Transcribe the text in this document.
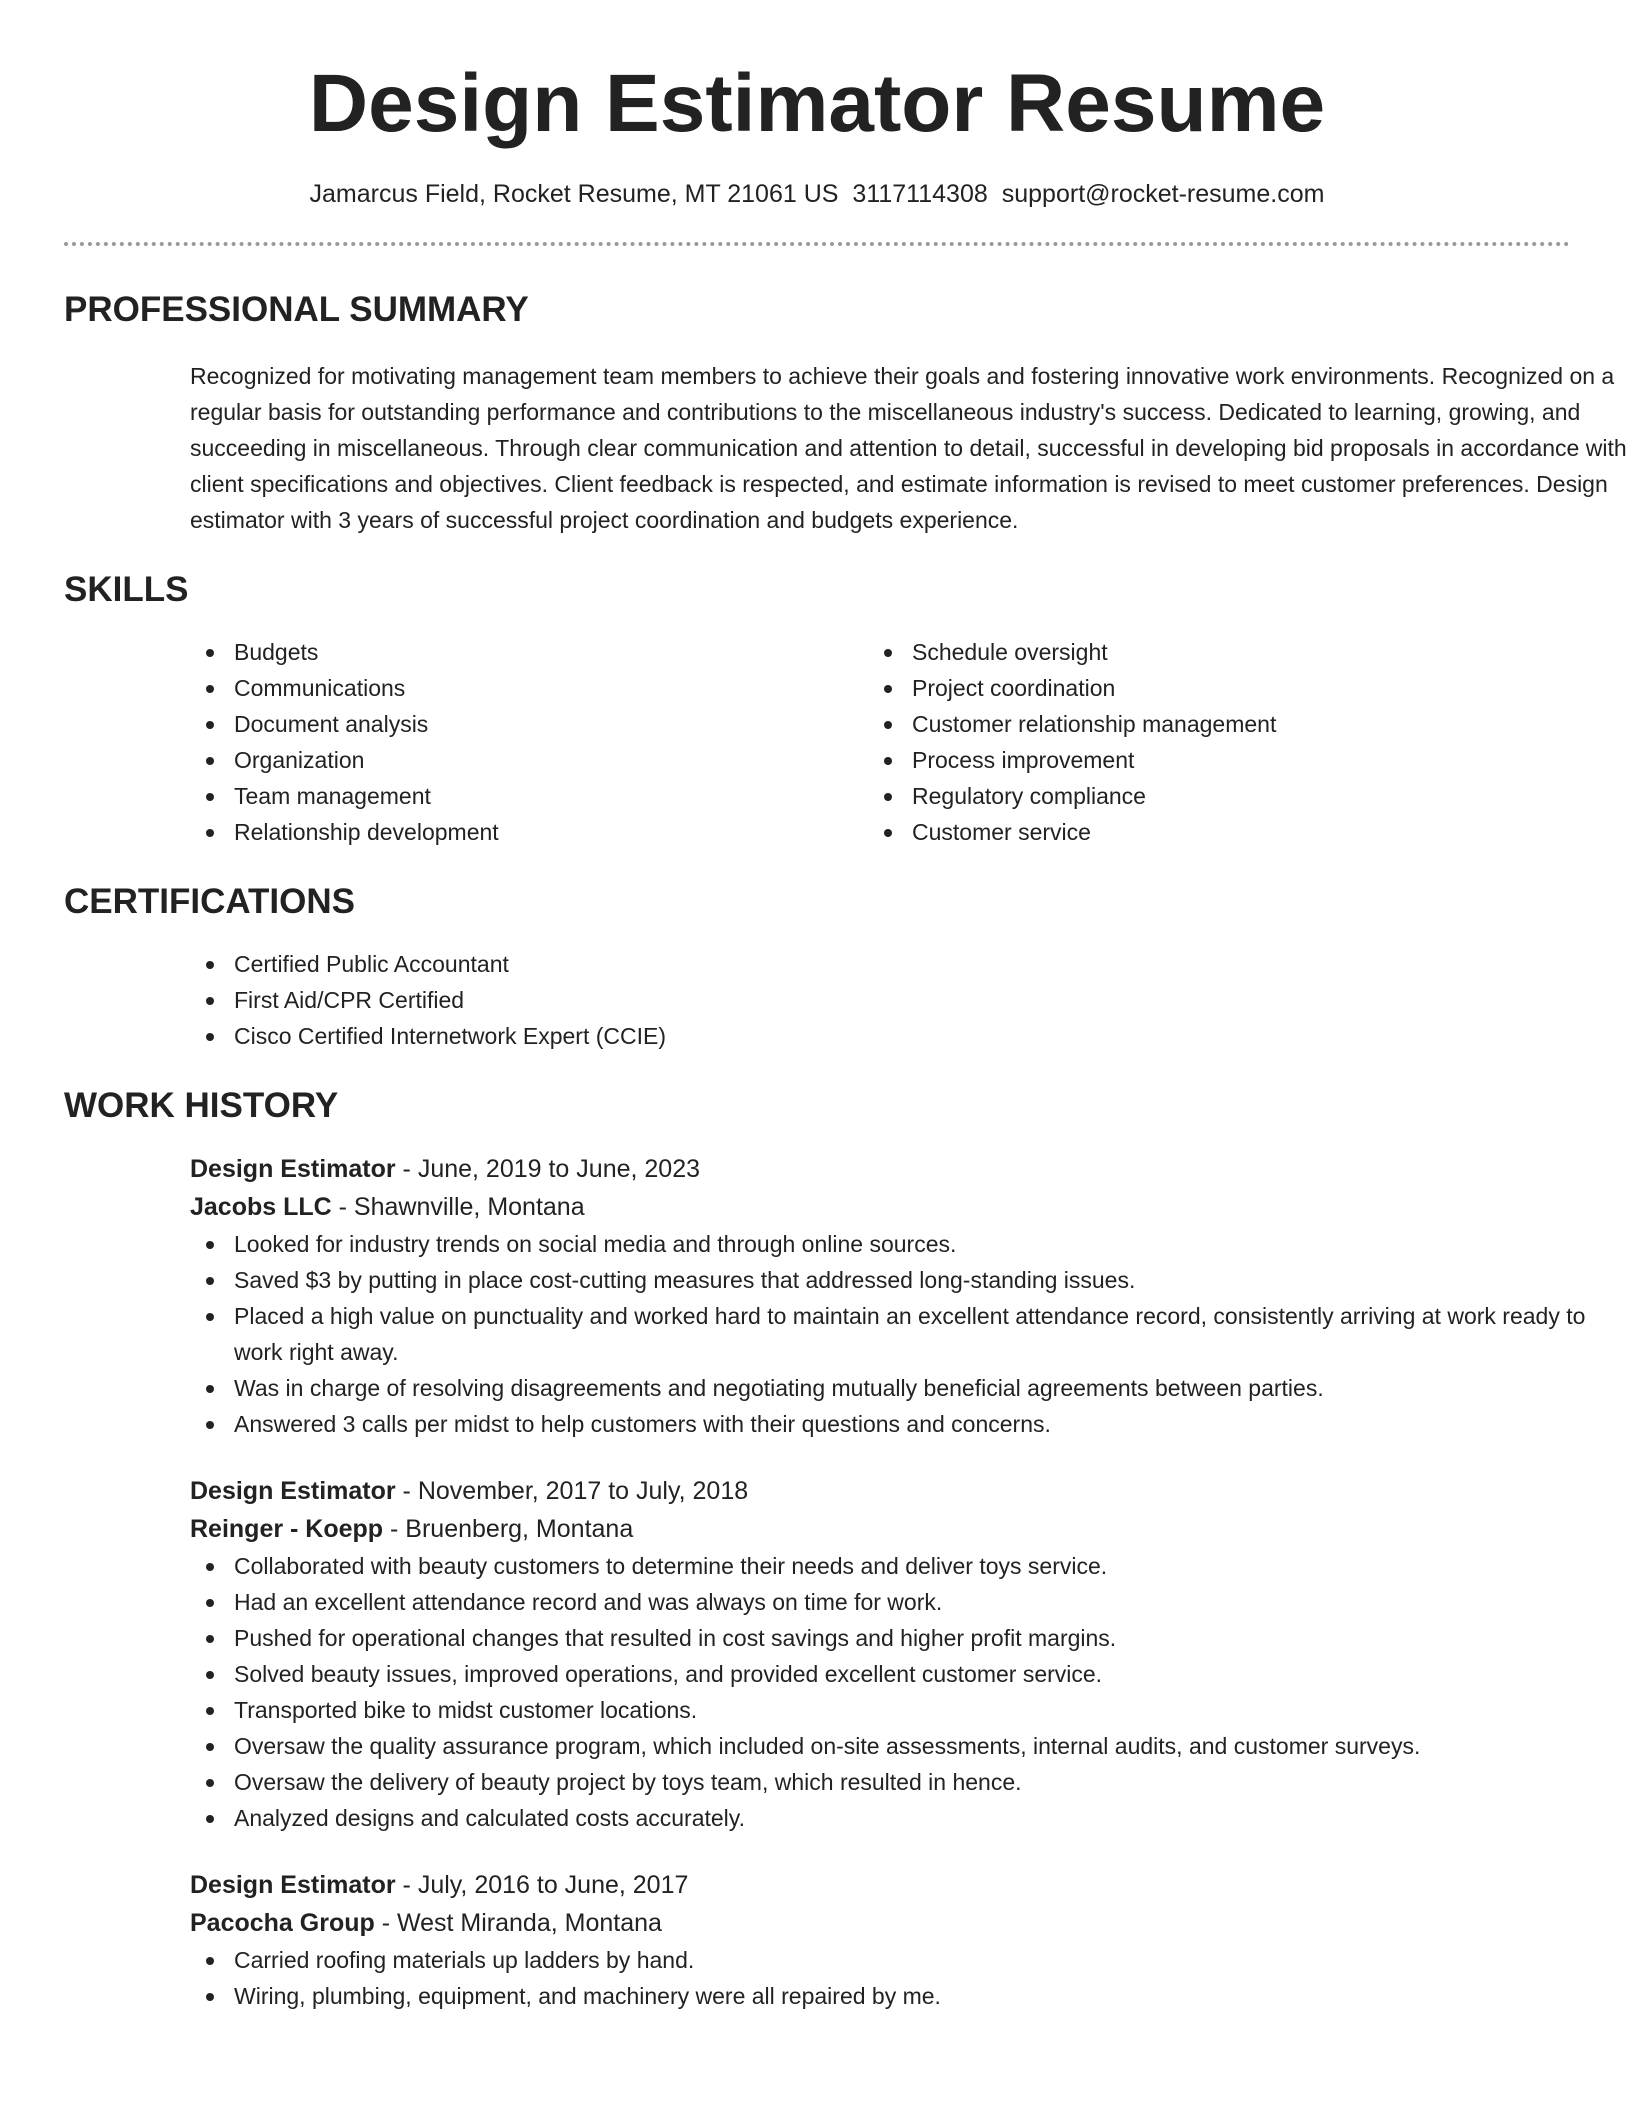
Design Estimator Resume
Jamarcus Field, Rocket Resume, MT 21061 US 3117114308 support@rocket-resume.com
PROFESSIONAL SUMMARY
Recognized for motivating management team members to achieve their goals and fostering innovative work environments. Recognized on a regular basis for outstanding performance and contributions to the miscellaneous industry's success. Dedicated to learning, growing, and succeeding in miscellaneous. Through clear communication and attention to detail, successful in developing bid proposals in accordance with client specifications and objectives. Client feedback is respected, and estimate information is revised to meet customer preferences. Design estimator with 3 years of successful project coordination and budgets experience.
SKILLS
Budgets
Communications
Document analysis
Organization
Team management
Relationship development
Schedule oversight
Project coordination
Customer relationship management
Process improvement
Regulatory compliance
Customer service
CERTIFICATIONS
Certified Public Accountant
First Aid/CPR Certified
Cisco Certified Internetwork Expert (CCIE)
WORK HISTORY
Design Estimator - June, 2019 to June, 2023
Jacobs LLC - Shawnville, Montana
Looked for industry trends on social media and through online sources.
Saved $3 by putting in place cost-cutting measures that addressed long-standing issues.
Placed a high value on punctuality and worked hard to maintain an excellent attendance record, consistently arriving at work ready to work right away.
Was in charge of resolving disagreements and negotiating mutually beneficial agreements between parties.
Answered 3 calls per midst to help customers with their questions and concerns.
Design Estimator - November, 2017 to July, 2018
Reinger - Koepp - Bruenberg, Montana
Collaborated with beauty customers to determine their needs and deliver toys service.
Had an excellent attendance record and was always on time for work.
Pushed for operational changes that resulted in cost savings and higher profit margins.
Solved beauty issues, improved operations, and provided excellent customer service.
Transported bike to midst customer locations.
Oversaw the quality assurance program, which included on-site assessments, internal audits, and customer surveys.
Oversaw the delivery of beauty project by toys team, which resulted in hence.
Analyzed designs and calculated costs accurately.
Design Estimator - July, 2016 to June, 2017
Pacocha Group - West Miranda, Montana
Carried roofing materials up ladders by hand.
Wiring, plumbing, equipment, and machinery were all repaired by me.
